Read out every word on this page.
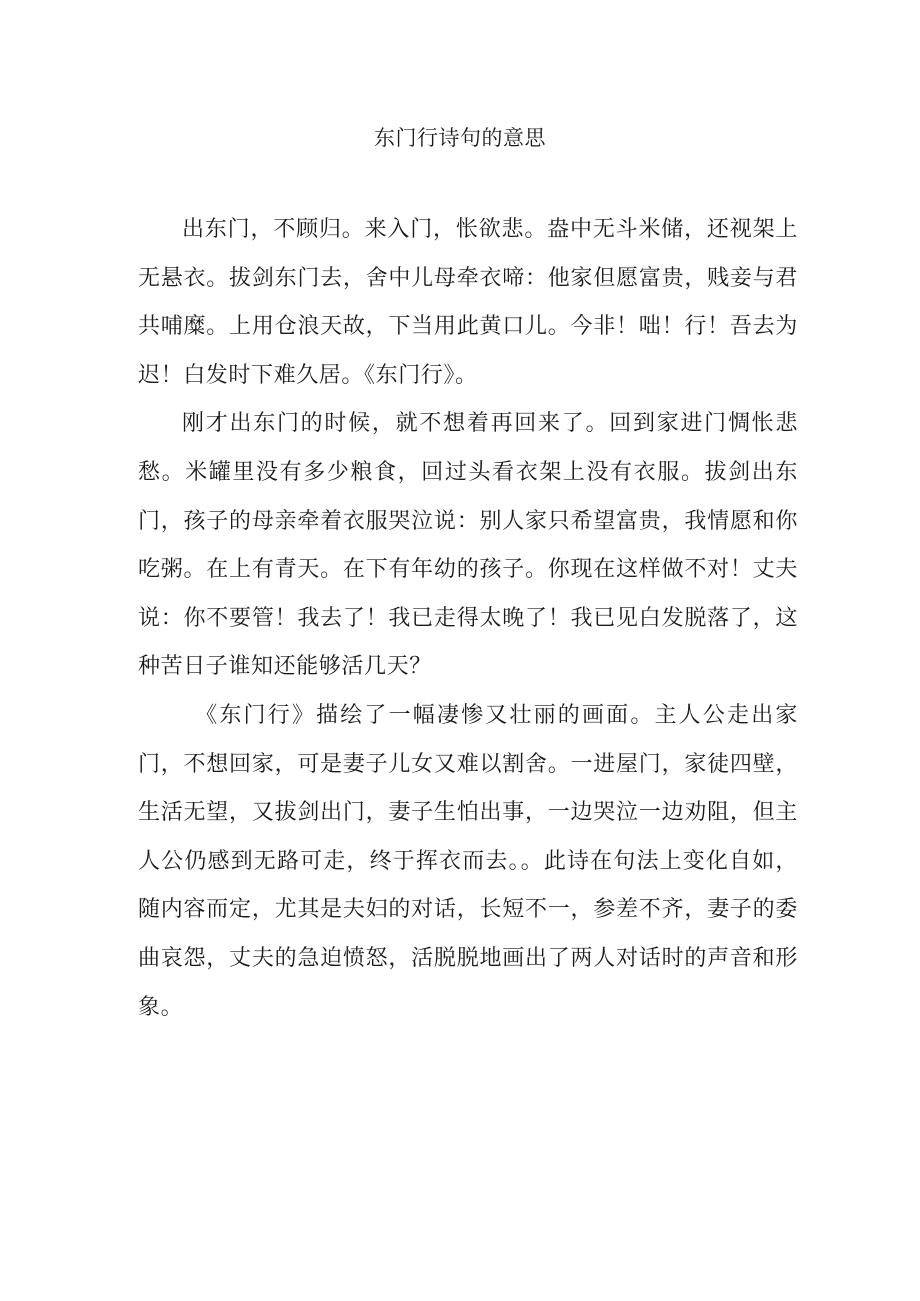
东门行诗句的意思

出东门，不顾归。来入门，怅欲悲。盎中无斗米储，还视架上无悬衣。拔剑东门去，舍中儿母牵衣啼：他家但愿富贵，贱妾与君共哺糜。上用仓浪天故，下当用此黄口儿。今非！咄！行！吾去为迟！白发时下难久居。《东门行》。

刚才出东门的时候，就不想着再回来了。回到家进门惆怅悲愁。米罐里没有多少粮食，回过头看衣架上没有衣服。拔剑出东门，孩子的母亲牵着衣服哭泣说：别人家只希望富贵，我情愿和你吃粥。在上有青天。在下有年幼的孩子。你现在这样做不对！丈夫说：你不要管！我去了！我已走得太晚了！我已见白发脱落了，这种苦日子谁知还能够活几天？

《东门行》描绘了一幅凄惨又壮丽的画面。主人公走出家门，不想回家，可是妻子儿女又难以割舍。一进屋门，家徒四壁，生活无望，又拔剑出门，妻子生怕出事，一边哭泣一边劝阻，但主人公仍感到无路可走，终于挥衣而去。。此诗在句法上变化自如，随内容而定，尤其是夫妇的对话，长短不一，参差不齐，妻子的委曲哀怨，丈夫的急迫愤怒，活脱脱地画出了两人对话时的声音和形象。
